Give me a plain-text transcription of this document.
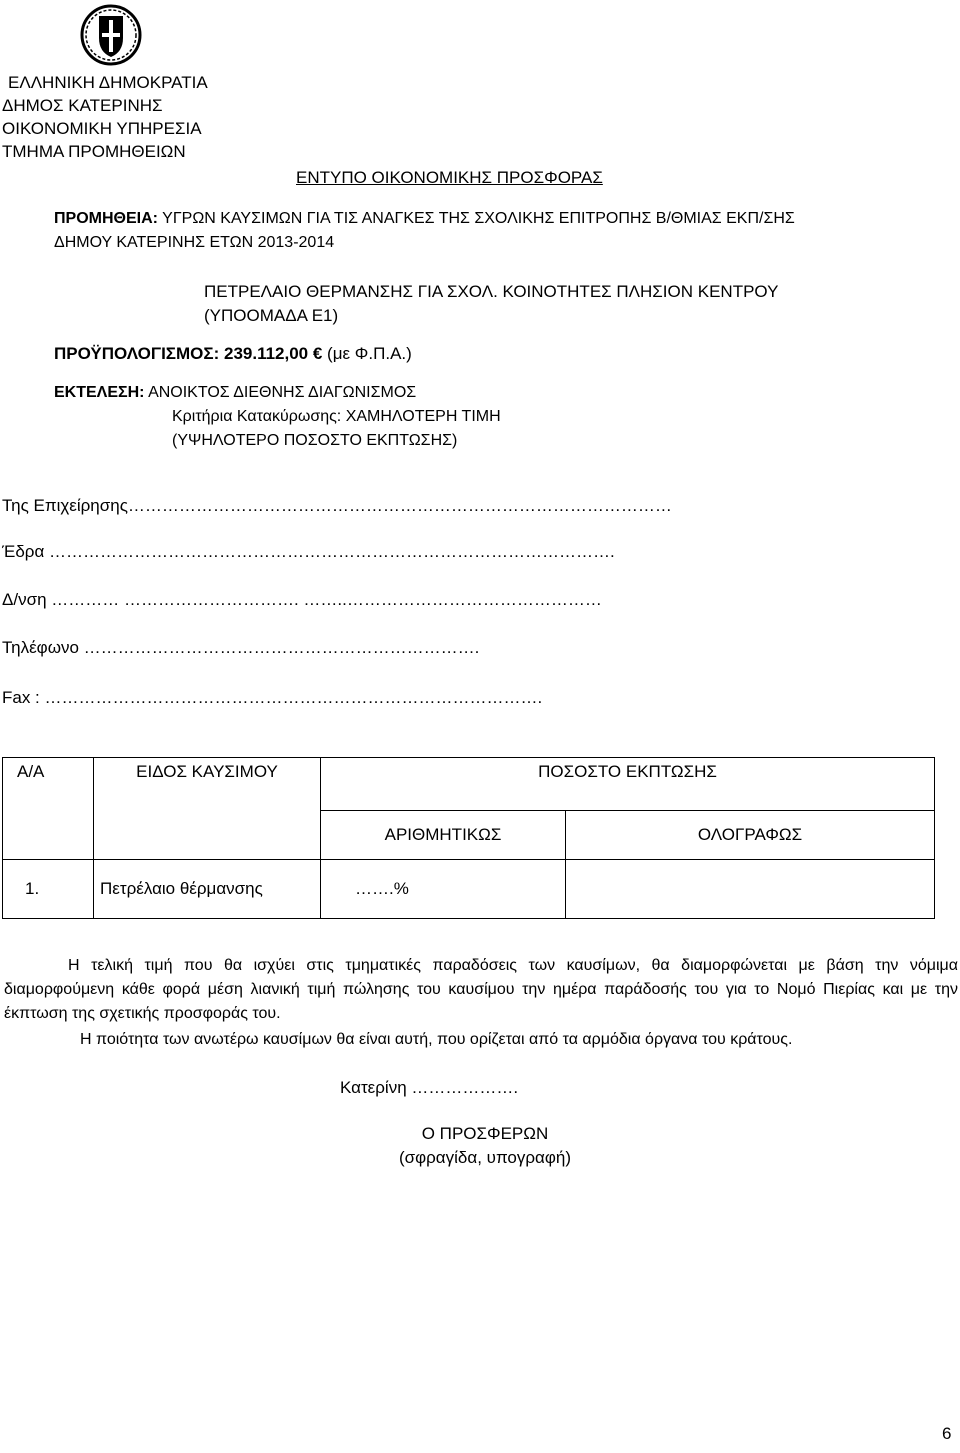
ΕΛΛΗΝΙΚΗ ΔΗΜΟΚΡΑΤΙΑ
ΔΗΜΟΣ ΚΑΤΕΡΙΝΗΣ
ΟΙΚΟΝΟΜΙΚΗ ΥΠΗΡΕΣΙΑ
ΤΜΗΜΑ ΠΡΟΜΗΘΕΙΩΝ
ΕΝΤΥΠΟ ΟΙΚΟΝΟΜΙΚΗΣ ΠΡΟΣΦΟΡΑΣ
ΠΡΟΜΗΘΕΙΑ: ΥΓΡΩΝ ΚΑΥΣΙΜΩΝ ΓΙΑ ΤΙΣ ΑΝΑΓΚΕΣ ΤΗΣ ΣΧΟΛΙΚΗΣ ΕΠΙΤΡΟΠΗΣ Β/ΘΜΙΑΣ ΕΚΠ/ΣΗΣ
ΔΗΜΟΥ ΚΑΤΕΡΙΝΗΣ ΕΤΩΝ 2013-2014
ΠΕΤΡΕΛΑΙΟ ΘΕΡΜΑΝΣΗΣ ΓΙΑ ΣΧΟΛ. ΚΟΙΝΟΤΗΤΕΣ ΠΛΗΣΙΟΝ ΚΕΝΤΡΟΥ
(ΥΠΟΟΜΑΔΑ Ε1)
ΠΡΟΫΠΟΛΟΓΙΣΜΟΣ: 239.112,00 € (με Φ.Π.Α.)
ΕΚΤΕΛΕΣΗ: ΑΝΟΙΚΤΟΣ ΔΙΕΘΝΗΣ ΔΙΑΓΩΝΙΣΜΟΣ
Κριτήρια Κατακύρωσης: ΧΑΜΗΛΟΤΕΡΗ ΤΙΜΗ
(ΥΨΗΛΟΤΕΡΟ ΠΟΣΟΣΤΟ ΕΚΠΤΩΣΗΣ)
Της Επιχείρησης……………………………………………………………………………………
Έδρα ……………………………………………………………………………………….
Δ/νση ………… …………………………. ……..………………………………………
Τηλέφωνο …………………………………………………………….
Fax : …………………………………………………………………………….
Α/Α	ΕΙΔΟΣ ΚΑΥΣΙΜΟΥ	ΠΟΣΟΣΤΟ ΕΚΠΤΩΣΗΣ	
		ΑΡΙΘΜΗΤΙΚΩΣ	ΟΛΟΓΡΑΦΩΣ
1.	Πετρέλαιο θέρμανσης	…….%	
Η τελική τιμή που θα ισχύει στις τμηματικές παραδόσεις των καυσίμων, θα διαμορφώνεται με βάση την νόμιμα διαμορφούμενη κάθε φορά μέση λιανική τιμή πώλησης του καυσίμου την ημέρα παράδοσής του για το Νομό Πιερίας και με την έκπτωση της σχετικής προσφοράς του.
Η ποιότητα των ανωτέρω καυσίμων θα είναι αυτή, που ορίζεται από τα αρμόδια όργανα του κράτους.
Κατερίνη ……………….
Ο ΠΡΟΣΦΕΡΩΝ
(σφραγίδα, υπογραφή)
6
